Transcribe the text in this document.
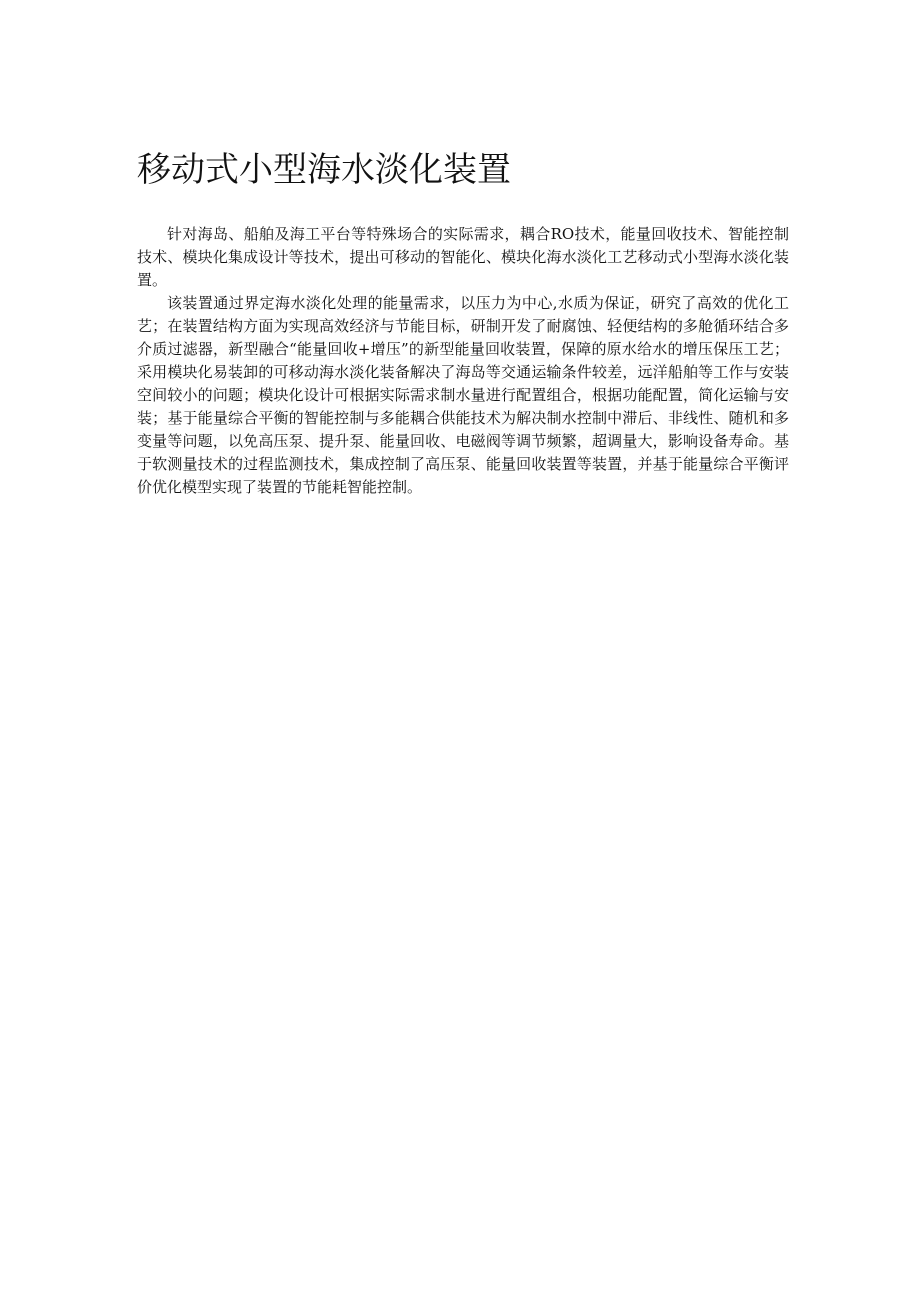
移动式小型海水淡化装置

针对海岛、船舶及海工平台等特殊场合的实际需求，耦合RO技术，能量回收技术、智能控制技术、模块化集成设计等技术，提出可移动的智能化、模块化海水淡化工艺移动式小型海水淡化装置。

该装置通过界定海水淡化处理的能量需求，以压力为中心,水质为保证，研究了高效的优化工艺；在装置结构方面为实现高效经济与节能目标，研制开发了耐腐蚀、轻便结构的多舱循环结合多介质过滤器，新型融合“能量回收+增压”的新型能量回收装置，保障的原水给水的增压保压工艺；采用模块化易装卸的可移动海水淡化装备解决了海岛等交通运输条件较差，远洋船舶等工作与安装空间较小的问题；模块化设计可根据实际需求制水量进行配置组合，根据功能配置，简化运输与安装；基于能量综合平衡的智能控制与多能耦合供能技术为解决制水控制中滞后、非线性、随机和多变量等问题，以免高压泵、提升泵、能量回收、电磁阀等调节频繁，超调量大，影响设备寿命。基于软测量技术的过程监测技术，集成控制了高压泵、能量回收装置等装置，并基于能量综合平衡评价优化模型实现了装置的节能耗智能控制。
